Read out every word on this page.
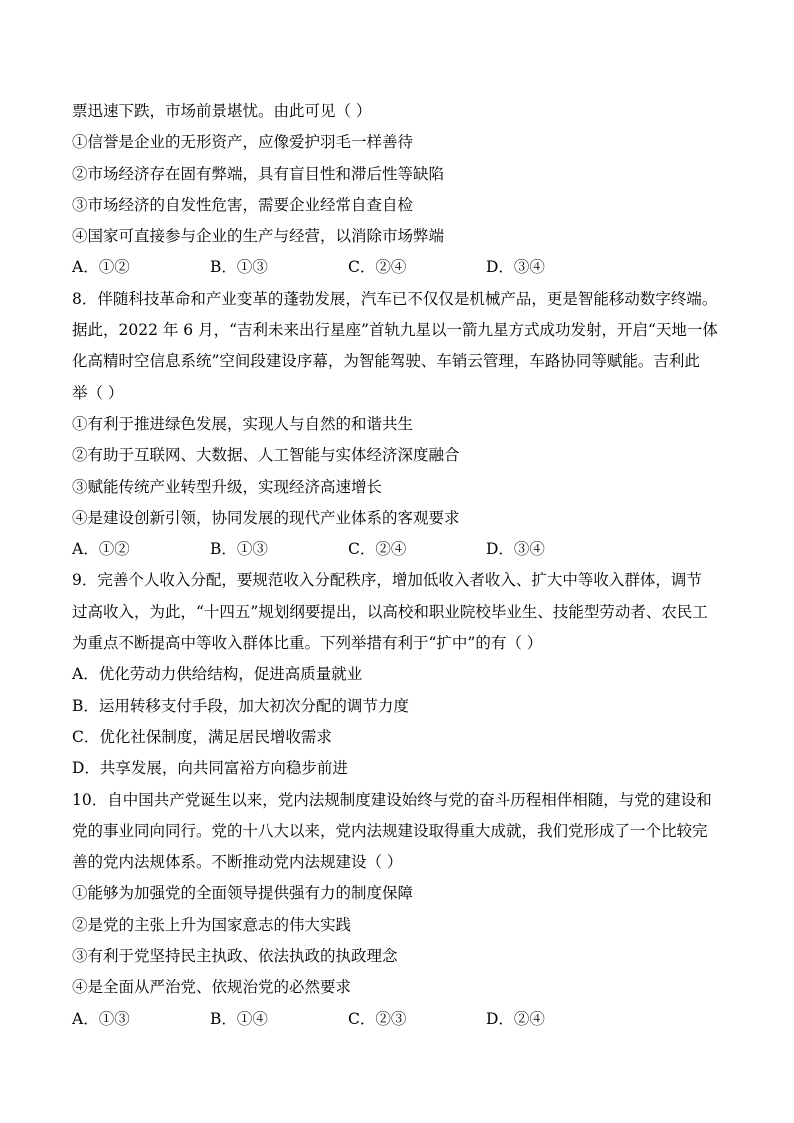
票迅速下跌，市场前景堪忧。由此可见（ ）
①信誉是企业的无形资产，应像爱护羽毛一样善待
②市场经济存在固有弊端，具有盲目性和滞后性等缺陷
③市场经济的自发性危害，需要企业经常自查自检
④国家可直接参与企业的生产与经营，以消除市场弊端
A．①②	B．①③	C．②④	D．③④
8．伴随科技革命和产业变革的蓬勃发展，汽车已不仅仅是机械产品，更是智能移动数字终端。
据此，2022 年 6 月，“吉利未来出行星座”首轨九星以一箭九星方式成功发射，开启“天地一体
化高精时空信息系统”空间段建设序幕，为智能驾驶、车销云管理，车路协同等赋能。吉利此
举（ ）
①有利于推进绿色发展，实现人与自然的和谐共生
②有助于互联网、大数据、人工智能与实体经济深度融合
③赋能传统产业转型升级，实现经济高速增长
④是建设创新引领，协同发展的现代产业体系的客观要求
A．①②	B．①③	C．②④	D．③④
9．完善个人收入分配，要规范收入分配秩序，增加低收入者收入、扩大中等收入群体，调节
过高收入，为此，“十四五”规划纲要提出，以高校和职业院校毕业生、技能型劳动者、农民工
为重点不断提高中等收入群体比重。下列举措有利于“扩中”的有（ ）
A．优化劳动力供给结构，促进高质量就业
B．运用转移支付手段，加大初次分配的调节力度
C．优化社保制度，满足居民增收需求
D．共享发展，向共同富裕方向稳步前进
10．自中国共产党诞生以来，党内法规制度建设始终与党的奋斗历程相伴相随，与党的建设和
党的事业同向同行。党的十八大以来，党内法规建设取得重大成就，我们党形成了一个比较完
善的党内法规体系。不断推动党内法规建设（ ）
①能够为加强党的全面领导提供强有力的制度保障
②是党的主张上升为国家意志的伟大实践
③有利于党坚持民主执政、依法执政的执政理念
④是全面从严治党、依规治党的必然要求
A．①③	B．①④	C．②③	D．②④
